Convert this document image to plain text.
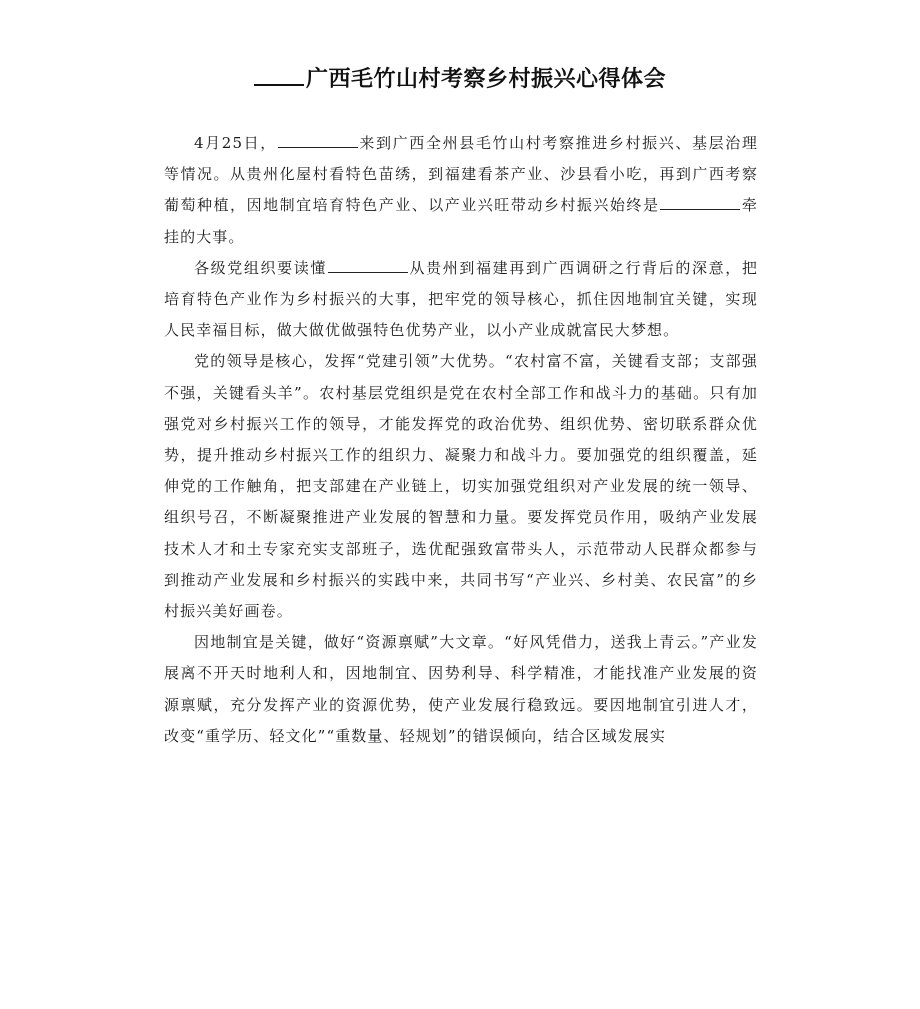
广西毛竹山村考察乡村振兴心得体会

4月25日，	来到广西全州县毛竹山村考察推进乡村振兴、基层治理等情况。从贵州化屋村看特色苗绣，到福建看茶产业、沙县看小吃，再到广西考察葡萄种植，因地制宜培育特色产业、以产业兴旺带动乡村振兴始终是	牵挂的大事。

各级党组织要读懂	从贵州到福建再到广西调研之行背后的深意，把培育特色产业作为乡村振兴的大事，把牢党的领导核心，抓住因地制宜关键，实现人民幸福目标，做大做优做强特色优势产业，以小产业成就富民大梦想。

党的领导是核心，发挥“党建引领”大优势。“农村富不富，关键看支部；支部强不强，关键看头羊”。农村基层党组织是党在农村全部工作和战斗力的基础。只有加强党对乡村振兴工作的领导，才能发挥党的政治优势、组织优势、密切联系群众优势，提升推动乡村振兴工作的组织力、凝聚力和战斗力。要加强党的组织覆盖，延伸党的工作触角，把支部建在产业链上，切实加强党组织对产业发展的统一领导、组织号召，不断凝聚推进产业发展的智慧和力量。要发挥党员作用，吸纳产业发展技术人才和土专家充实支部班子，选优配强致富带头人，示范带动人民群众都参与到推动产业发展和乡村振兴的实践中来，共同书写“产业兴、乡村美、农民富”的乡村振兴美好画卷。

因地制宜是关键，做好“资源禀赋”大文章。“好风凭借力，送我上青云。”产业发展离不开天时地利人和，因地制宜、因势利导、科学精准，才能找准产业发展的资源禀赋，充分发挥产业的资源优势，使产业发展行稳致远。要因地制宜引进人才，改变“重学历、轻文化”“重数量、轻规划”的错误倾向，结合区域发展实
